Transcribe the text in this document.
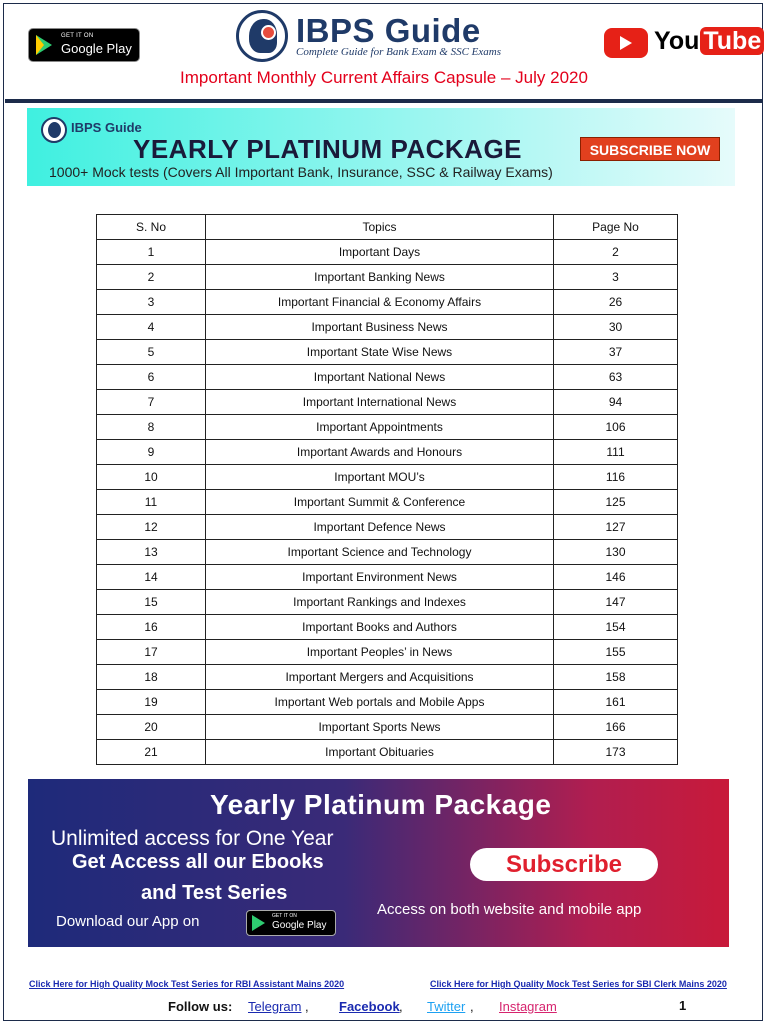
GET IT ON
Google Play	IBPS Guide
Complete Guide for Bank Exam & SSC Exams	You Tube
Important Monthly Current Affairs Capsule – July 2020
IBPS Guide
YEARLY PLATINUM PACKAGE
1000+ Mock tests (Covers All Important Bank, Insurance, SSC & Railway Exams)
SUBSCRIBE NOW
S. No	Topics	Page No
1	Important Days	2
2	Important Banking News	3
3	Important Financial & Economy Affairs	26
4	Important Business News	30
5	Important State Wise News	37
6	Important National News	63
7	Important International News	94
8	Important Appointments	106
9	Important Awards and Honours	111
10	Important MOU’s	116
11	Important Summit & Conference	125
12	Important Defence News	127
13	Important Science and Technology	130
14	Important Environment News	146
15	Important Rankings and Indexes	147
16	Important Books and Authors	154
17	Important Peoples’ in News	155
18	Important Mergers and Acquisitions	158
19	Important Web portals and Mobile Apps	161
20	Important Sports News	166
21	Important Obituaries	173
Yearly Platinum Package
Unlimited access for One Year
Get Access all our Ebooks
and Test Series
Download our App on	GET IT ON
Google Play
Subscribe
Access on both website and mobile app
Click Here for High Quality Mock Test Series for RBI Assistant Mains 2020	Click Here for High Quality Mock Test Series for SBI Clerk Mains 2020
Follow us: Telegram , Facebook , Twitter , Instagram	1
